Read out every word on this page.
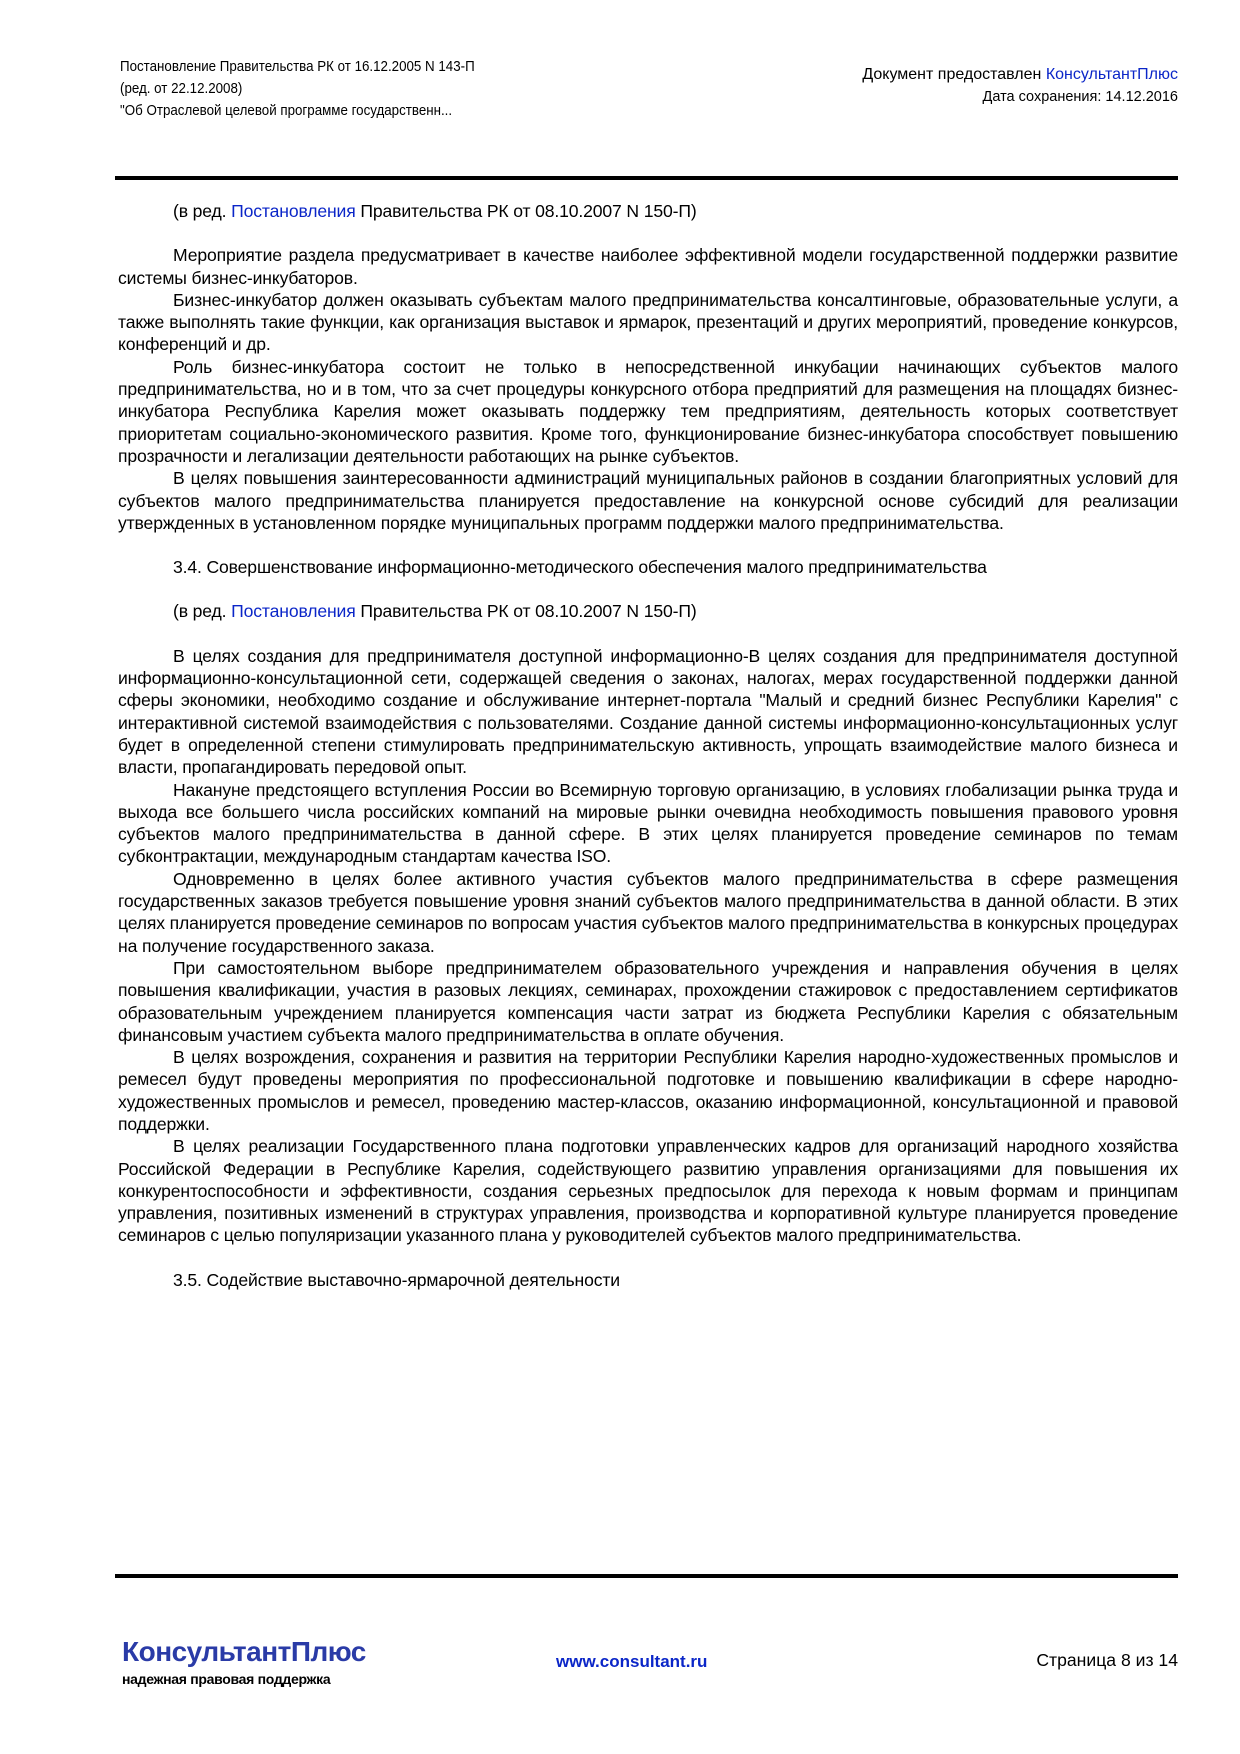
Постановление Правительства РК от 16.12.2005 N 143-П
(ред. от 22.12.2008)
"Об Отраслевой целевой программе государственн...
Документ предоставлен КонсультантПлюс
Дата сохранения: 14.12.2016

(в ред. Постановления Правительства РК от 08.10.2007 N 150-П)

Мероприятие раздела предусматривает в качестве наиболее эффективной модели государственной поддержки развитие системы бизнес-инкубаторов.

Бизнес-инкубатор должен оказывать субъектам малого предпринимательства консалтинговые, образовательные услуги, а также выполнять такие функции, как организация выставок и ярмарок, презентаций и других мероприятий, проведение конкурсов, конференций и др.

Роль бизнес-инкубатора состоит не только в непосредственной инкубации начинающих субъектов малого предпринимательства, но и в том, что за счет процедуры конкурсного отбора предприятий для размещения на площадях бизнес-инкубатора Республика Карелия может оказывать поддержку тем предприятиям, деятельность которых соответствует приоритетам социально-экономического развития. Кроме того, функционирование бизнес-инкубатора способствует повышению прозрачности и легализации деятельности работающих на рынке субъектов.

В целях повышения заинтересованности администраций муниципальных районов в создании благоприятных условий для субъектов малого предпринимательства планируется предоставление на конкурсной основе субсидий для реализации утвержденных в установленном порядке муниципальных программ поддержки малого предпринимательства.

3.4. Совершенствование информационно-методического обеспечения малого предпринимательства

(в ред. Постановления Правительства РК от 08.10.2007 N 150-П)

В целях создания для предпринимателя доступной информационно-В целях создания для предпринимателя доступной информационно-консультационной сети, содержащей сведения о законах, налогах, мерах государственной поддержки данной сферы экономики, необходимо создание и обслуживание интернет-портала "Малый и средний бизнес Республики Карелия" с интерактивной системой взаимодействия с пользователями. Создание данной системы информационно-консультационных услуг будет в определенной степени стимулировать предпринимательскую активность, упрощать взаимодействие малого бизнеса и власти, пропагандировать передовой опыт.

Накануне предстоящего вступления России во Всемирную торговую организацию, в условиях глобализации рынка труда и выхода все большего числа российских компаний на мировые рынки очевидна необходимость повышения правового уровня субъектов малого предпринимательства в данной сфере. В этих целях планируется проведение семинаров по темам субконтрактации, международным стандартам качества ISO.

Одновременно в целях более активного участия субъектов малого предпринимательства в сфере размещения государственных заказов требуется повышение уровня знаний субъектов малого предпринимательства в данной области. В этих целях планируется проведение семинаров по вопросам участия субъектов малого предпринимательства в конкурсных процедурах на получение государственного заказа.

При самостоятельном выборе предпринимателем образовательного учреждения и направления обучения в целях повышения квалификации, участия в разовых лекциях, семинарах, прохождении стажировок с предоставлением сертификатов образовательным учреждением планируется компенсация части затрат из бюджета Республики Карелия с обязательным финансовым участием субъекта малого предпринимательства в оплате обучения.

В целях возрождения, сохранения и развития на территории Республики Карелия народно-художественных промыслов и ремесел будут проведены мероприятия по профессиональной подготовке и повышению квалификации в сфере народно-художественных промыслов и ремесел, проведению мастер-классов, оказанию информационной, консультационной и правовой поддержки.

В целях реализации Государственного плана подготовки управленческих кадров для организаций народного хозяйства Российской Федерации в Республике Карелия, содействующего развитию управления организациями для повышения их конкурентоспособности и эффективности, создания серьезных предпосылок для перехода к новым формам и принципам управления, позитивных изменений в структурах управления, производства и корпоративной культуре планируется проведение семинаров с целью популяризации указанного плана у руководителей субъектов малого предпринимательства.

3.5. Содействие выставочно-ярмарочной деятельности

КонсультантПлюс
надежная правовая поддержка
www.consultant.ru	Страница 8 из 14
